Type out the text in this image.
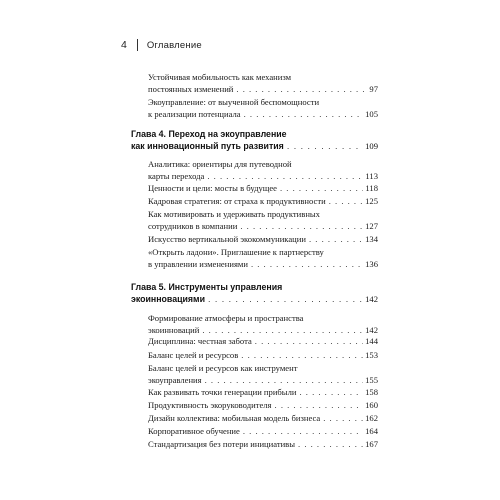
4 Оглавление
Устойчивая мобильность как механизм
постоянных изменений . . .	97
Экоуправление: от выученной беспомощности
к реализации потенциала . . .	105
Глава 4. Переход на экоуправление
как инновационный путь развития . . .	109
Аналитика: ориентиры для путеводной
карты перехода . . .	113
Ценности и цели: мосты в будущее . . .	118
Кадровая стратегия: от страха к продуктивности . . .	125
Как мотивировать и удерживать продуктивных
сотрудников в компании . . .	127
Искусство вертикальной экокоммуникации . . .	134
«Открыть ладони». Приглашение к партнерству
в управлении изменениями . . .	136
Глава 5. Инструменты управления
экоинновациями . . .	142
Формирование атмосферы и пространства
экоинноваций . . .	142
Дисциплина: честная забота . . .	144
Баланс целей и ресурсов . . .	153
Баланс целей и ресурсов как инструмент
экоуправления . . .	155
Как развивать точки генерации прибыли . . .	158
Продуктивность экоруководителя . . .	160
Дизайн коллектива: мобильная модель бизнеса . . .	162
Корпоративное обучение . . .	164
Стандартизация без потери инициативы . . .	167
